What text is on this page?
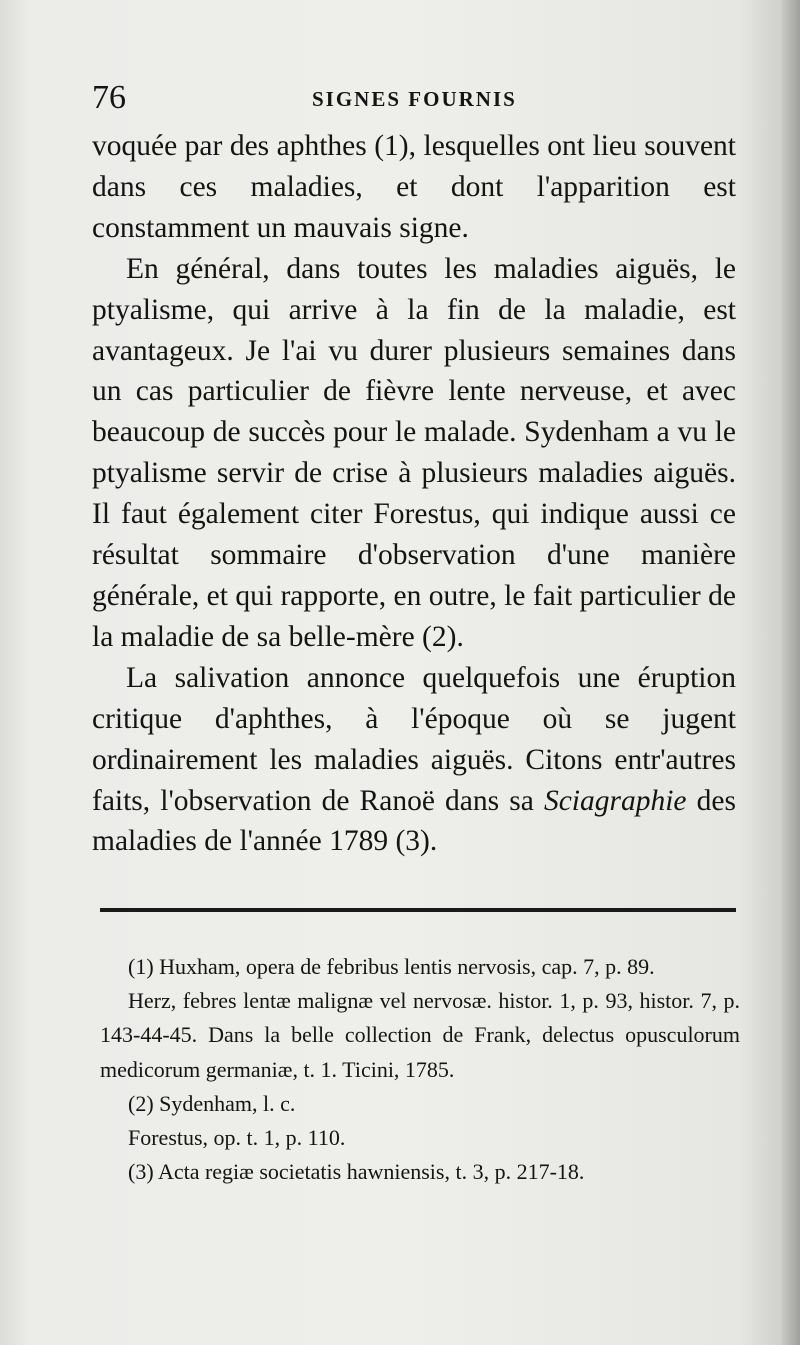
76	SIGNES FOURNIS

voquée par des aphthes (1), lesquelles ont lieu souvent dans ces maladies, et dont l'apparition est constamment un mauvais signe.

En général, dans toutes les maladies aiguës, le ptyalisme, qui arrive à la fin de la maladie, est avantageux. Je l'ai vu durer plusieurs semaines dans un cas particulier de fièvre lente nerveuse, et avec beaucoup de succès pour le malade. Sydenham a vu le ptyalisme servir de crise à plusieurs maladies aiguës. Il faut également citer Forestus, qui indique aussi ce résultat sommaire d'observation d'une manière générale, et qui rapporte, en outre, le fait particulier de la maladie de sa belle-mère (2).

La salivation annonce quelquefois une éruption critique d'aphthes, à l'époque où se jugent ordinairement les maladies aiguës. Citons entr'autres faits, l'observation de Ranoë dans sa Sciagraphie des maladies de l'année 1789 (3).

(1) Huxham, opera de febribus lentis nervosis, cap. 7, p. 89.

Herz, febres lentæ malignæ vel nervosæ. histor. 1, p. 93, histor. 7, p. 143-44-45. Dans la belle collection de Frank, delectus opusculorum medicorum germaniæ, t. 1. Ticini, 1785.

(2) Sydenham, l. c.

Forestus, op. t. 1, p. 110.

(3) Acta regiæ societatis hawniensis, t. 3, p. 217-18.
